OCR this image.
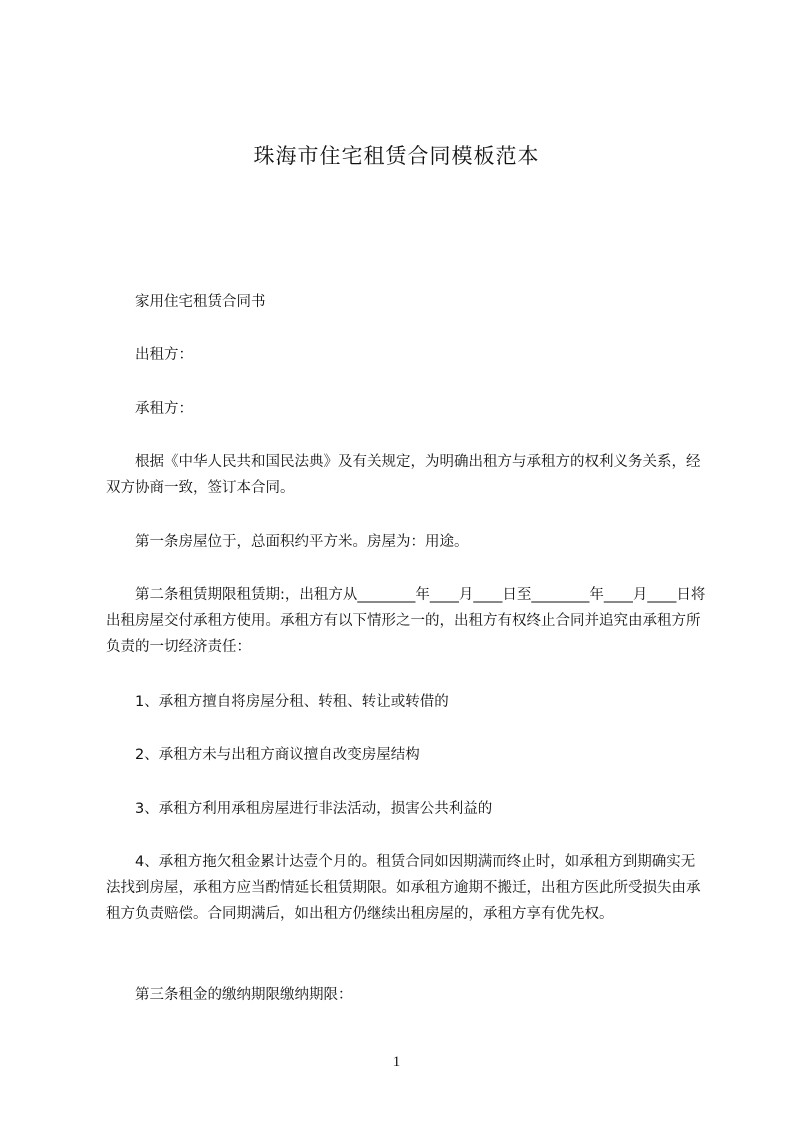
珠海市住宅租赁合同模板范本

家用住宅租赁合同书

出租方：

承租方：

根据《中华人民共和国民法典》及有关规定，为明确出租方与承租方的权利义务关系，经双方协商一致，签订本合同。

第一条房屋位于，总面积约平方米。房屋为：用途。

第二条租赁期限租赁期:，出租方从________年____月____日至________年____月____日将出租房屋交付承租方使用。承租方有以下情形之一的，出租方有权终止合同并追究由承租方所负责的一切经济责任：

1、承租方擅自将房屋分租、转租、转让或转借的

2、承租方未与出租方商议擅自改变房屋结构

3、承租方利用承租房屋进行非法活动，损害公共利益的

4、承租方拖欠租金累计达壹个月的。租赁合同如因期满而终止时，如承租方到期确实无法找到房屋，承租方应当酌情延长租赁期限。如承租方逾期不搬迁，出租方医此所受损失由承租方负责赔偿。合同期满后，如出租方仍继续出租房屋的，承租方享有优先权。

第三条租金的缴纳期限缴纳期限：

1
